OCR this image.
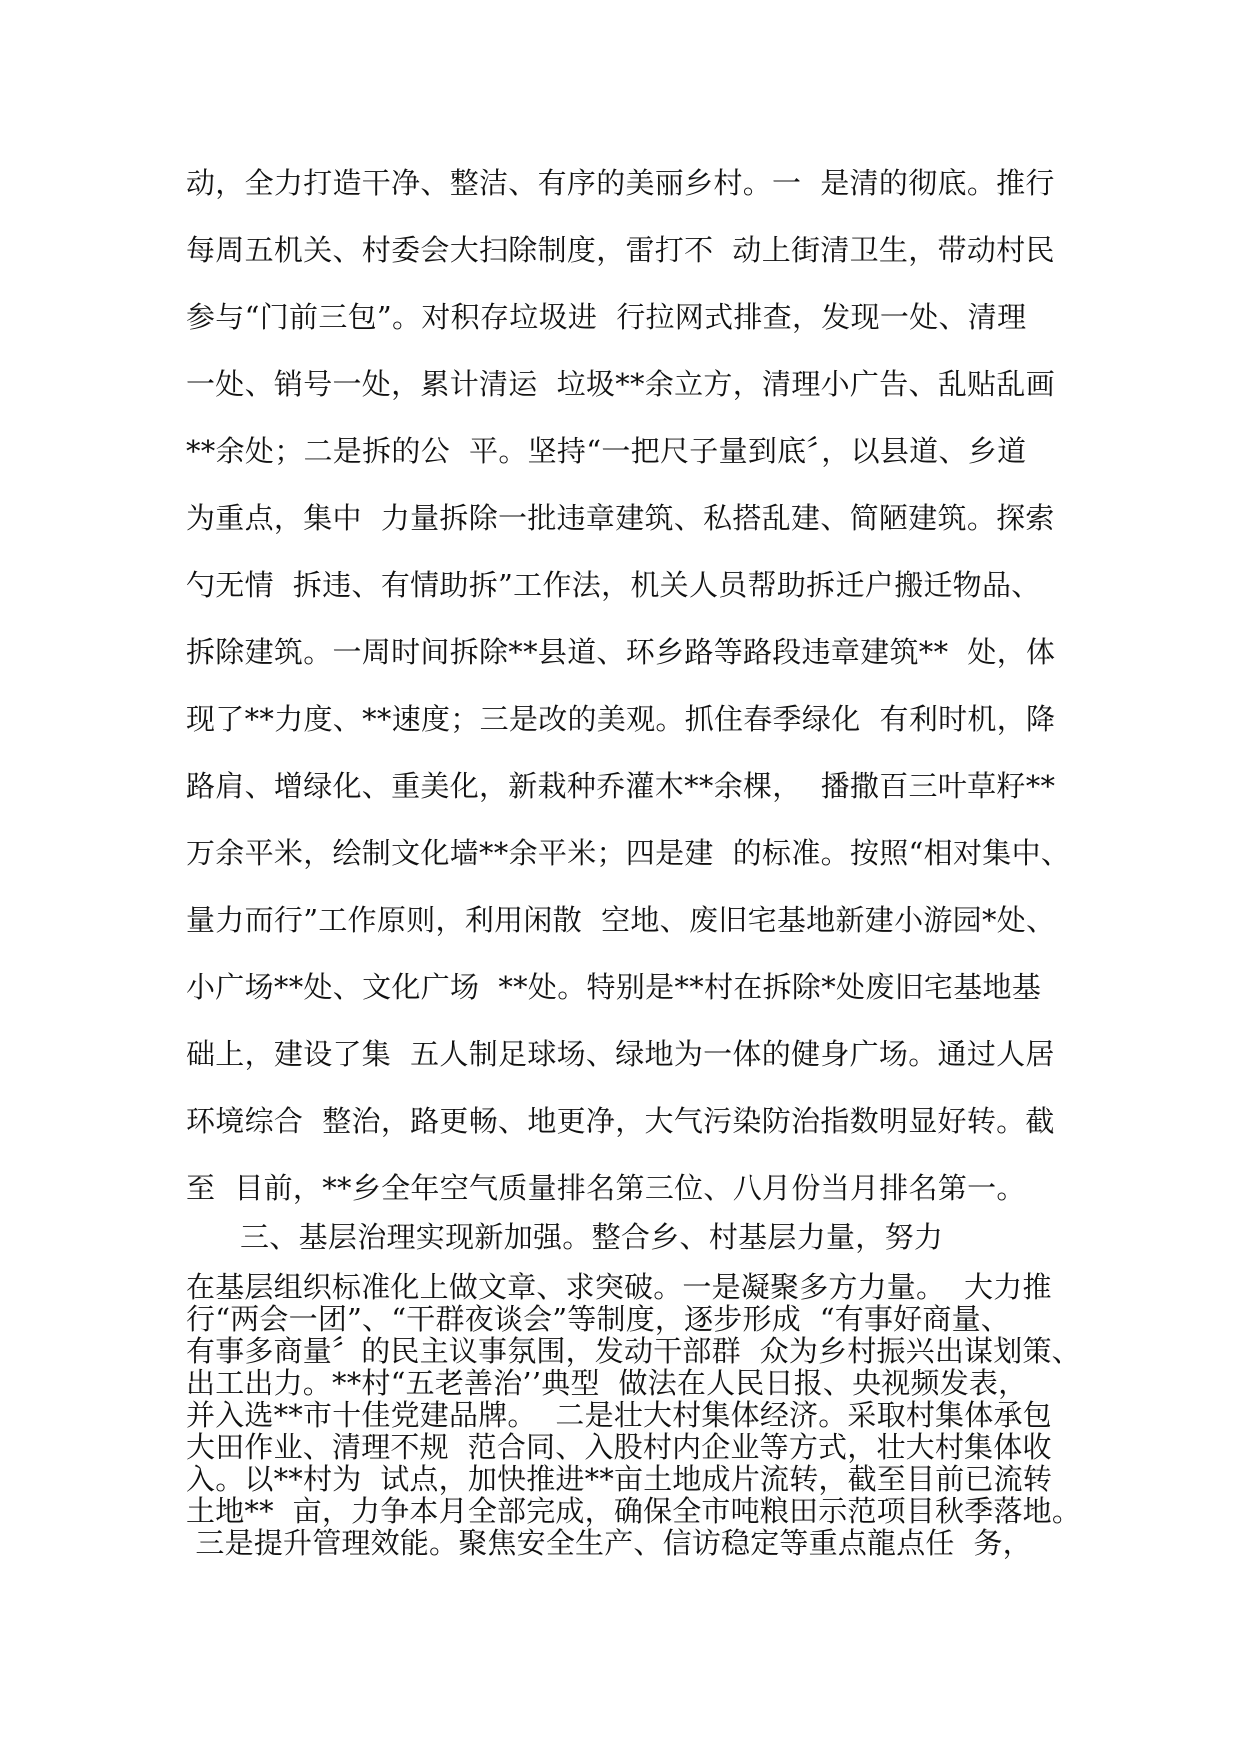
动，全力打造干净、整洁、有序的美丽乡村。一  是清的彻底。推行
每周五机关、村委会大扫除制度，雷打不  动上街清卫生，带动村民
参与“门前三包”。对积存垃圾进  行拉网式排查，发现一处、清理
一处、销号一处，累计清运  垃圾**余立方，清理小广告、乱贴乱画
**余处；二是拆的公  平。坚持“一把尺子量到底〞，以县道、乡道
为重点，集中  力量拆除一批违章建筑、私搭乱建、简陋建筑。探索
勺无情  拆违、有情助拆”工作法，机关人员帮助拆迁户搬迁物品、
拆除建筑。一周时间拆除**县道、环乡路等路段违章建筑**  处，体
现了**力度、**速度；三是改的美观。抓住春季绿化  有利时机，降
路肩、增绿化、重美化，新栽种乔灌木**余棵，  播撒百三叶草籽**
万余平米，绘制文化墙**余平米；四是建  的标准。按照“相对集中、
量力而行”工作原则，利用闲散  空地、废旧宅基地新建小游园*处、
小广场**处、文化广场  **处。特别是**村在拆除*处废旧宅基地基
础上，建设了集  五人制足球场、绿地为一体的健身广场。通过人居
环境综合  整治，路更畅、地更净，大气污染防治指数明显好转。截
至  目前，**乡全年空气质量排名第三位、八月份当月排名第一。
三、基层治理实现新加强。整合乡、村基层力量，努力
在基层组织标准化上做文章、求突破。一是凝聚多方力量。  大力推
行“两会一团”、“干群夜谈会”等制度，逐步形成  “有事好商量、
有事多商量〞的民主议事氛围，发动干部群  众为乡村振兴出谋划策、
出工出力。**村“五老善治’’典型  做法在人民日报、央视频发表，
并入选**市十佳党建品牌。  二是壮大村集体经济。采取村集体承包
大田作业、清理不规  范合同、入股村内企业等方式，壮大村集体收
入。以**村为  试点，加快推进**亩土地成片流转，截至目前已流转
土地**  亩，力争本月全部完成，确保全市吨粮田示范项目秋季落地。
三是提升管理效能。聚焦安全生产、信访稳定等重点龍点任  务，
